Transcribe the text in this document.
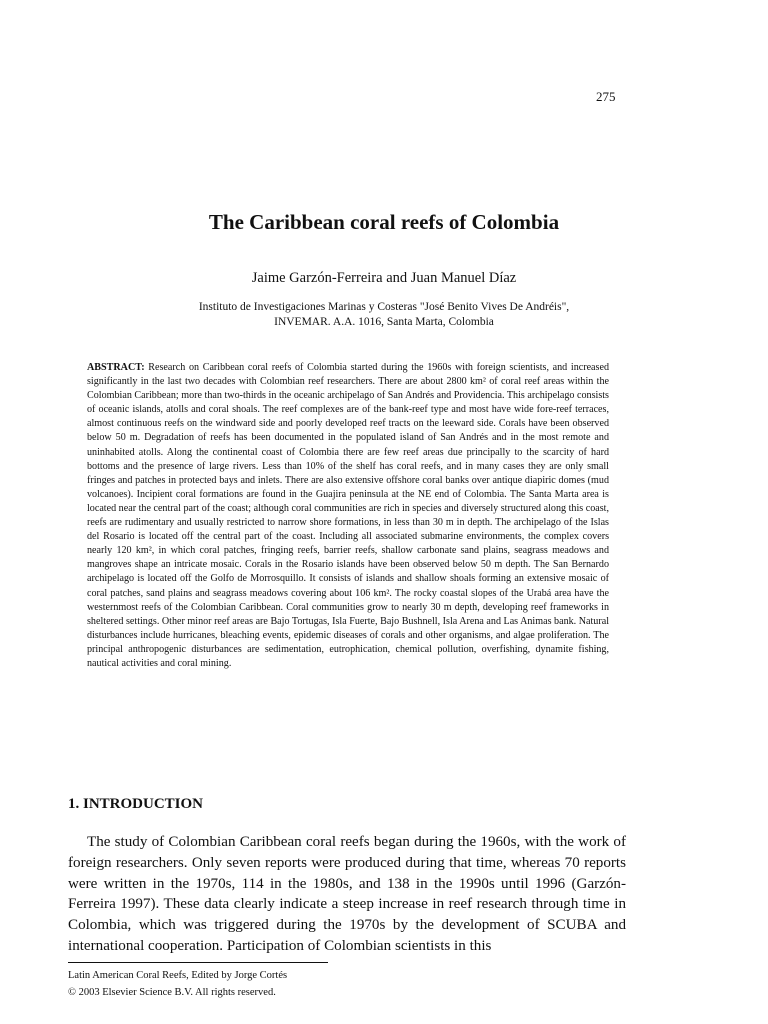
275
The Caribbean coral reefs of Colombia
Jaime Garzón-Ferreira and Juan Manuel Díaz
Instituto de Investigaciones Marinas y Costeras "José Benito Vives De Andréis",
INVEMAR. A.A. 1016, Santa Marta, Colombia

ABSTRACT: Research on Caribbean coral reefs of Colombia started during the 1960s with foreign scientists, and increased significantly in the last two decades with Colombian reef researchers. There are about 2800 km² of coral reef areas within the Colombian Caribbean; more than two-thirds in the oceanic archipelago of San Andrés and Providencia. This archipelago consists of oceanic islands, atolls and coral shoals. The reef complexes are of the bank-reef type and most have wide fore-reef terraces, almost continuous reefs on the windward side and poorly developed reef tracts on the leeward side. Corals have been observed below 50 m. Degradation of reefs has been documented in the populated island of San Andrés and in the most remote and uninhabited atolls. Along the continental coast of Colombia there are few reef areas due principally to the scarcity of hard bottoms and the presence of large rivers. Less than 10% of the shelf has coral reefs, and in many cases they are only small fringes and patches in protected bays and inlets. There are also extensive offshore coral banks over antique diapiric domes (mud volcanoes). Incipient coral formations are found in the Guajira peninsula at the NE end of Colombia. The Santa Marta area is located near the central part of the coast; although coral communities are rich in species and diversely structured along this coast, reefs are rudimentary and usually restricted to narrow shore formations, in less than 30 m in depth. The archipelago of the Islas del Rosario is located off the central part of the coast. Including all associated submarine environments, the complex covers nearly 120 km², in which coral patches, fringing reefs, barrier reefs, shallow carbonate sand plains, seagrass meadows and mangroves shape an intricate mosaic. Corals in the Rosario islands have been observed below 50 m depth. The San Bernardo archipelago is located off the Golfo de Morrosquillo. It consists of islands and shallow shoals forming an extensive mosaic of coral patches, sand plains and seagrass meadows covering about 106 km². The rocky coastal slopes of the Urabá area have the westernmost reefs of the Colombian Caribbean. Coral communities grow to nearly 30 m depth, developing reef frameworks in sheltered settings. Other minor reef areas are Bajo Tortugas, Isla Fuerte, Bajo Bushnell, Isla Arena and Las Animas bank. Natural disturbances include hurricanes, bleaching events, epidemic diseases of corals and other organisms, and algae proliferation. The principal anthropogenic disturbances are sedimentation, eutrophication, chemical pollution, overfishing, dynamite fishing, nautical activities and coral mining.

1. INTRODUCTION

The study of Colombian Caribbean coral reefs began during the 1960s, with the work of foreign researchers. Only seven reports were produced during that time, whereas 70 reports were written in the 1970s, 114 in the 1980s, and 138 in the 1990s until 1996 (Garzón-Ferreira 1997). These data clearly indicate a steep increase in reef research through time in Colombia, which was triggered during the 1970s by the development of SCUBA and international cooperation. Participation of Colombian scientists in this

Latin American Coral Reefs, Edited by Jorge Cortés
© 2003 Elsevier Science B.V. All rights reserved.
